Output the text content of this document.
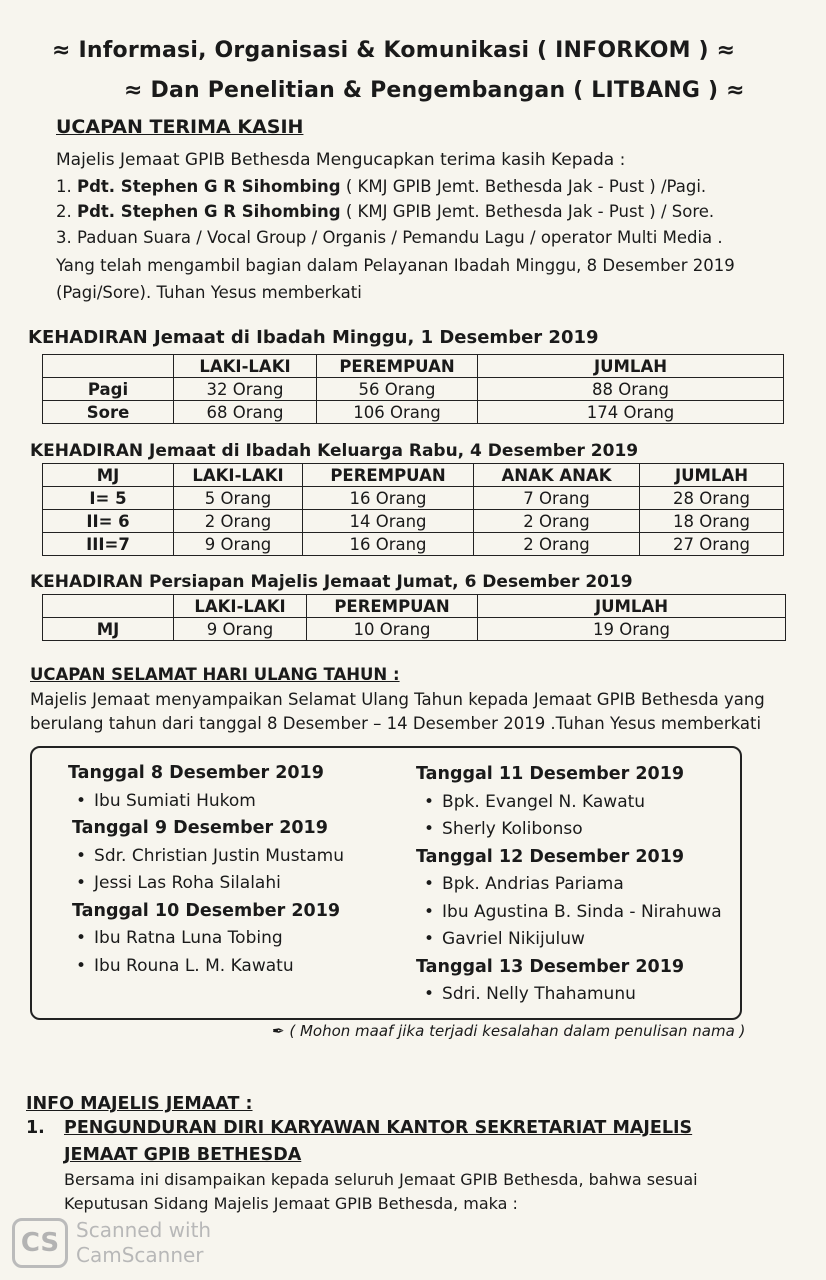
≈ Informasi, Organisasi & Komunikasi ( INFORKOM ) ≈
≈ Dan Penelitian & Pengembangan ( LITBANG ) ≈
UCAPAN TERIMA KASIH
Majelis Jemaat GPIB Bethesda Mengucapkan terima kasih Kepada :
1. Pdt. Stephen G R Sihombing ( KMJ GPIB Jemt. Bethesda Jak - Pust ) /Pagi.
2. Pdt. Stephen G R Sihombing ( KMJ GPIB Jemt. Bethesda Jak - Pust ) / Sore.
3. Paduan Suara / Vocal Group / Organis / Pemandu Lagu / operator Multi Media .
Yang telah mengambil bagian dalam Pelayanan Ibadah Minggu, 8 Desember 2019
(Pagi/Sore). Tuhan Yesus memberkati
KEHADIRAN Jemaat di Ibadah Minggu, 1 Desember 2019
	LAKI-LAKI	PEREMPUAN	JUMLAH
Pagi	32 Orang	56 Orang	88 Orang
Sore	68 Orang	106 Orang	174 Orang
KEHADIRAN Jemaat di Ibadah Keluarga Rabu, 4 Desember 2019
MJ	LAKI-LAKI	PEREMPUAN	ANAK ANAK	JUMLAH
I= 5	5 Orang	16 Orang	7 Orang	28 Orang
II= 6	2 Orang	14 Orang	2 Orang	18 Orang
III=7	9 Orang	16 Orang	2 Orang	27 Orang
KEHADIRAN Persiapan Majelis Jemaat Jumat, 6 Desember 2019
	LAKI-LAKI	PEREMPUAN	JUMLAH
MJ	9 Orang	10 Orang	19 Orang
UCAPAN SELAMAT HARI ULANG TAHUN :
Majelis Jemaat menyampaikan Selamat Ulang Tahun kepada Jemaat GPIB Bethesda yang
berulang tahun dari tanggal 8 Desember – 14 Desember 2019 .Tuhan Yesus memberkati
Tanggal 8 Desember 2019
• Ibu Sumiati Hukom
Tanggal 9 Desember 2019
• Sdr. Christian Justin Mustamu
• Jessi Las Roha Silalahi
Tanggal 10 Desember 2019
• Ibu Ratna Luna Tobing
• Ibu Rouna L. M. Kawatu
Tanggal 11 Desember 2019
• Bpk. Evangel N. Kawatu
• Sherly Kolibonso
Tanggal 12 Desember 2019
• Bpk. Andrias Pariama
• Ibu Agustina B. Sinda - Nirahuwa
• Gavriel Nikijuluw
Tanggal 13 Desember 2019
• Sdri. Nelly Thahamunu
✒ ( Mohon maaf jika terjadi kesalahan dalam penulisan nama )
INFO MAJELIS JEMAAT :
1. PENGUNDURAN DIRI KARYAWAN KANTOR SEKRETARIAT MAJELIS
JEMAAT GPIB BETHESDA
Bersama ini disampaikan kepada seluruh Jemaat GPIB Bethesda, bahwa sesuai
Keputusan Sidang Majelis Jemaat GPIB Bethesda, maka :
CS Scanned with
CamScanner
